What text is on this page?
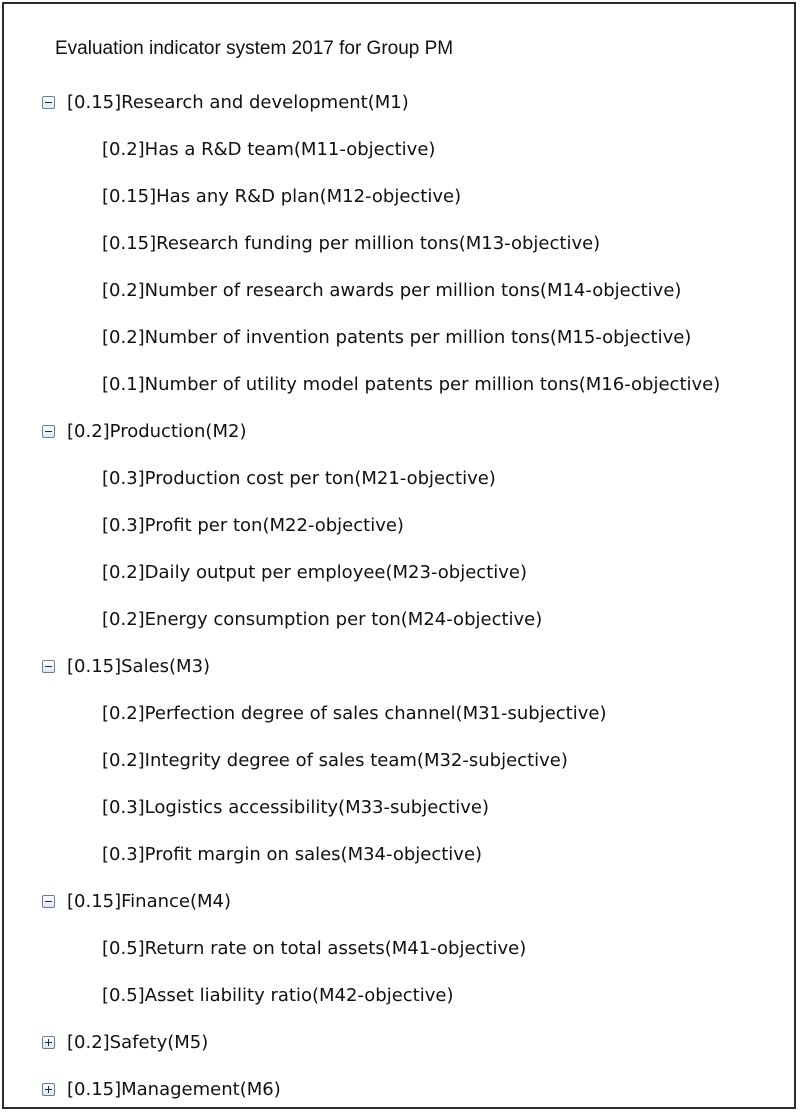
Evaluation indicator system 2017 for Group PM
[0.15]Research and development(M1)
[0.2]Has a R&D team(M11-objective)
[0.15]Has any R&D plan(M12-objective)
[0.15]Research funding per million tons(M13-objective)
[0.2]Number of research awards per million tons(M14-objective)
[0.2]Number of invention patents per million tons(M15-objective)
[0.1]Number of utility model patents per million tons(M16-objective)
[0.2]Production(M2)
[0.3]Production cost per ton(M21-objective)
[0.3]Profit per ton(M22-objective)
[0.2]Daily output per employee(M23-objective)
[0.2]Energy consumption per ton(M24-objective)
[0.15]Sales(M3)
[0.2]Perfection degree of sales channel(M31-subjective)
[0.2]Integrity degree of sales team(M32-subjective)
[0.3]Logistics accessibility(M33-subjective)
[0.3]Profit margin on sales(M34-objective)
[0.15]Finance(M4)
[0.5]Return rate on total assets(M41-objective)
[0.5]Asset liability ratio(M42-objective)
[0.2]Safety(M5)
[0.15]Management(M6)
